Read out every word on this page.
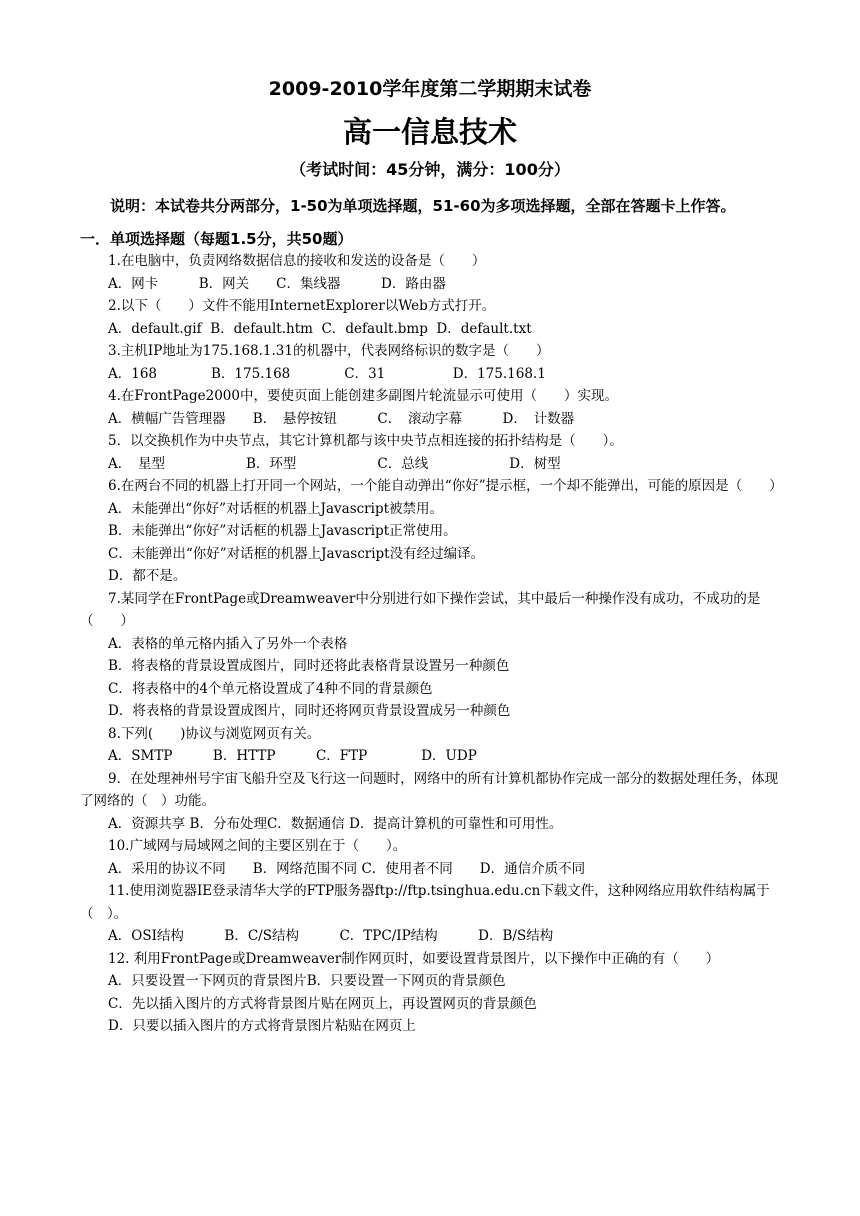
2009-2010学年度第二学期期末试卷
高一信息技术
（考试时间：45分钟，满分：100分）
说明：本试卷共分两部分，1-50为单项选择题，51-60为多项选择题，全部在答题卡上作答。
一．单项选择题（每题1.5分，共50题）
1.在电脑中，负责网络数据信息的接收和发送的设备是（　　）
A．网卡　　　B．网关　　C．集线器　　　D．路由器
2.以下（　　）文件不能用InternetExplorer以Web方式打开。
A．default.gif  B．default.htm  C．default.bmp  D．default.txt
3.主机IP地址为175.168.1.31的机器中，代表网络标识的数字是（　　）
A．168　　　　B．175.168　　　　C．31　　　　　D．175.168.1
4.在FrontPage2000中，要使页面上能创建多副图片轮流显示可使用（　　）实现。
A．横幅广告管理器　　B．　悬停按钮　　　C．　滚动字幕　　　D．　计数器
5．以交换机作为中央节点，其它计算机都与该中央节点相连接的拓扑结构是（　　）。
A．　星型　　　　　　B．环型　　　　　　C．总线　　　　　　D．树型
6.在两台不同的机器上打开同一个网站，一个能自动弹出“你好”提示框，一个却不能弹出，可能的原因是（　　）
A．未能弹出“你好”对话框的机器上Javascript被禁用。
B．未能弹出“你好”对话框的机器上Javascript正常使用。
C．未能弹出“你好”对话框的机器上Javascript没有经过编译。
D．都不是。
7.某同学在FrontPage或Dreamweaver中分别进行如下操作尝试，其中最后一种操作没有成功，不成功的是（　　）
A．表格的单元格内插入了另外一个表格
B．将表格的背景设置成图片，同时还将此表格背景设置另一种颜色
C．将表格中的4个单元格设置成了4种不同的背景颜色
D．将表格的背景设置成图片，同时还将网页背景设置成另一种颜色
8.下列(　　)协议与浏览网页有关。
A．SMTP　　　B．HTTP　　　C．FTP　　　　D．UDP
9．在处理神州号宇宙飞船升空及飞行这一问题时，网络中的所有计算机都协作完成一部分的数据处理任务，体现了网络的（　）功能。
A．资源共享 B．分布处理C．数据通信 D．提高计算机的可靠性和可用性。
10.广域网与局域网之间的主要区别在于（　　）。
A．采用的协议不同　　B．网络范围不同 C．使用者不同　　D．通信介质不同
11.使用浏览器IE登录清华大学的FTP服务器ftp://ftp.tsinghua.edu.cn下载文件，这种网络应用软件结构属于（　）。
A．OSI结构　　　B．C/S结构　　　C．TPC/IP结构　　　D．B/S结构
12. 利用FrontPage或Dreamweaver制作网页时，如要设置背景图片，以下操作中正确的有（　　）
A．只要设置一下网页的背景图片B．只要设置一下网页的背景颜色
C．先以插入图片的方式将背景图片贴在网页上，再设置网页的背景颜色
D．只要以插入图片的方式将背景图片粘贴在网页上
